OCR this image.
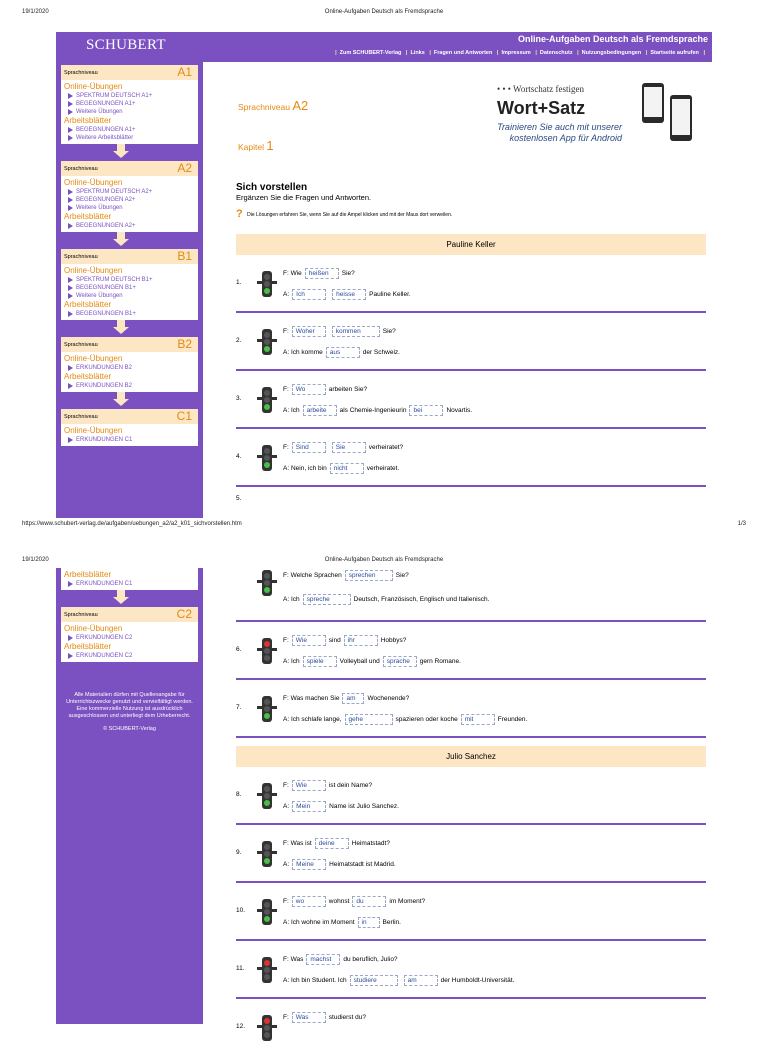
19/1/2020	Online-Aufgaben Deutsch als Fremdsprache
SCHUBERT	Online-Aufgaben Deutsch als Fremdsprache
| Zum SCHUBERT-Verlag | Links | Fragen und Antworten | Impressum | Datenschutz | Nutzungsbedingungen | Startseite aufrufen |
Sprachniveau	A1
Online-Übungen
SPEKTRUM DEUTSCH A1+
BEGEGNUNGEN A1+
Weitere Übungen
Arbeitsblätter
BEGEGNUNGEN A1+
Weitere Arbeitsblätter
Sprachniveau	A2
Online-Übungen
SPEKTRUM DEUTSCH A2+
BEGEGNUNGEN A2+
Weitere Übungen
Arbeitsblätter
BEGEGNUNGEN A2+
Sprachniveau	B1
Online-Übungen
SPEKTRUM DEUTSCH B1+
BEGEGNUNGEN B1+
Weitere Übungen
Arbeitsblätter
BEGEGNUNGEN B1+
Sprachniveau	B2
Online-Übungen
ERKUNDUNGEN B2
Arbeitsblätter
ERKUNDUNGEN B2
Sprachniveau	C1
Online-Übungen
ERKUNDUNGEN C1
Sprachniveau A2
Kapitel 1
• • • Wortschatz festigen
Wort+Satz
Trainieren Sie auch mit unserer kostenlosen App für Android
Sich vorstellen
Ergänzen Sie die Fragen und Antworten.
? Die Lösungen erfahren Sie, wenn Sie auf die Ampel klicken und mit der Maus dort verweilen.
Pauline Keller
1.
F: Wie heißen Sie?
A: Ich	heisse Pauline Keller.
2.
F: Woher	kommen	Sie?
A: Ich komme aus	der Schweiz.
3.
F: Wo	arbeiten Sie?
A: Ich arbeite als Chemie-Ingenieurin bei	Novartis.
4.
F: Sind	Sie	verheiratet?
A: Nein, ich bin nicht	verheiratet.
5.
https://www.schubert-verlag.de/aufgaben/uebungen_a2/a2_k01_sichvorstellen.htm	1/3
19/1/2020	Online-Aufgaben Deutsch als Fremdsprache
Arbeitsblätter
ERKUNDUNGEN C1
Sprachniveau	C2
Online-Übungen
ERKUNDUNGEN C2
Arbeitsblätter
ERKUNDUNGEN C2
Alle Materialien dürfen mit Quellenangabe für Unterrichtszwecke genutzt und vervielfältigt werden. Eine kommerzielle Nutzung ist ausdrücklich ausgeschlossen und unterliegt dem Urheberrecht.
© SCHUBERT-Verlag
F: Welche Sprachen sprechen	Sie?
A: Ich spreche	Deutsch, Französisch, Englisch und Italienisch.
6.
F: Wie	sind ihr	Hobbys?
A: Ich spiele Volleyball und sprache gern Romane.
7.
F: Was machen Sie am Wochenende?
A: Ich schlafe lange, gehe	spazieren oder koche mit	Freunden.
Julio Sanchez
8.
F: Wie	ist dein Name?
A: Mein	Name ist Julio Sanchez.
9.
F: Was ist deine	Heimatstadt?
A: Meine Heimatstadt ist Madrid.
10.
F: wo	wohnst du	im Moment?
A: Ich wohne im Moment in Berlin.
11.
F: Was machst du beruflich, Julio?
A: Ich bin Student. Ich studiere	am	der Humboldt-Universität.
12.
F: Was	studierst du?
